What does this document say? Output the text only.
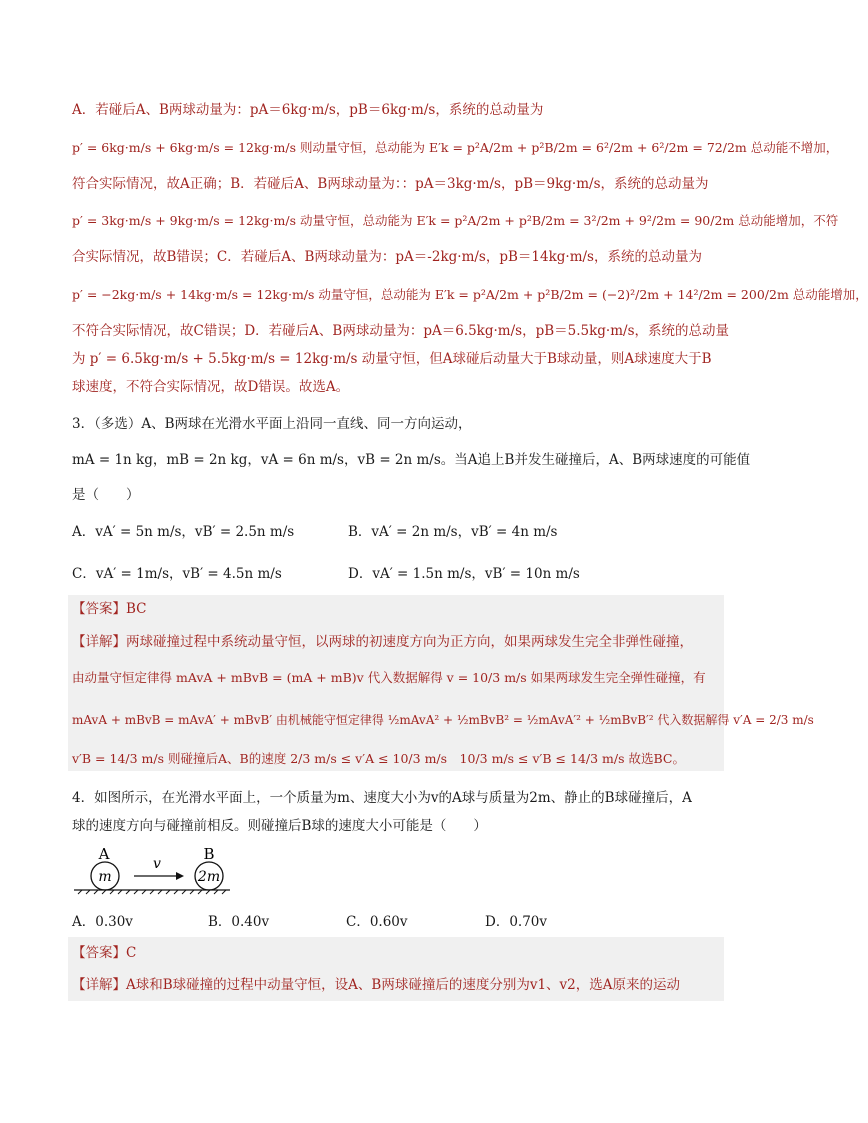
A．若碰后A、B两球动量为：pA＝6kg·m/s，pB＝6kg·m/s，系统的总动量为
p′ = 6kg·m/s + 6kg·m/s = 12kg·m/s 则动量守恒，总动能为 E′k = p²A/2m + p²B/2m = 6²/2m + 6²/2m = 72/2m 总动能不增加，
符合实际情况，故A正确；B．若碰后A、B两球动量为：：pA＝3kg·m/s，pB＝9kg·m/s，系统的总动量为
p′ = 3kg·m/s + 9kg·m/s = 12kg·m/s 动量守恒，总动能为 E′k = p²A/2m + p²B/2m = 3²/2m + 9²/2m = 90/2m 总动能增加，不符
合实际情况，故B错误；C．若碰后A、B两球动量为：pA＝-2kg·m/s，pB＝14kg·m/s，系统的总动量为
p′ = −2kg·m/s + 14kg·m/s = 12kg·m/s 动量守恒，总动能为 E′k = p²A/2m + p²B/2m = (−2)²/2m + 14²/2m = 200/2m 总动能增加，
不符合实际情况，故C错误；D．若碰后A、B两球动量为：pA＝6.5kg·m/s，pB＝5.5kg·m/s，系统的总动量
为 p′ = 6.5kg·m/s + 5.5kg·m/s = 12kg·m/s 动量守恒，但A球碰后动量大于B球动量，则A球速度大于B
球速度，不符合实际情况，故D错误。故选A。
3．（多选）A、B两球在光滑水平面上沿同一直线、同一方向运动，
mA = 1n kg，mB = 2n kg，vA = 6n m/s，vB = 2n m/s。当A追上B并发生碰撞后，A、B两球速度的可能值
是（　　）
A．vA′ = 5n m/s，vB′ = 2.5n m/s	B．vA′ = 2n m/s，vB′ = 4n m/s
C．vA′ = 1m/s，vB′ = 4.5n m/s	D．vA′ = 1.5n m/s，vB′ = 10n m/s
【答案】BC
【详解】两球碰撞过程中系统动量守恒，以两球的初速度方向为正方向，如果两球发生完全非弹性碰撞，
由动量守恒定律得 mAvA + mBvB = (mA + mB)v 代入数据解得 v = 10/3 m/s 如果两球发生完全弹性碰撞，有
mAvA + mBvB = mAvA′ + mBvB′ 由机械能守恒定律得 ½mAvA² + ½mBvB² = ½mAvA′² + ½mBvB′² 代入数据解得 v′A = 2/3 m/s
v′B = 14/3 m/s 则碰撞后A、B的速度 2/3 m/s ≤ v′A ≤ 10/3 m/s　10/3 m/s ≤ v′B ≤ 14/3 m/s 故选BC。
4．如图所示，在光滑水平面上，一个质量为m、速度大小为v的A球与质量为2m、静止的B球碰撞后，A
球的速度方向与碰撞前相反。则碰撞后B球的速度大小可能是（　　）
A	B
m	2m
v
A．0.30v	B．0.40v	C．0.60v	D．0.70v
【答案】C
【详解】A球和B球碰撞的过程中动量守恒，设A、B两球碰撞后的速度分别为v1、v2，选A原来的运动
